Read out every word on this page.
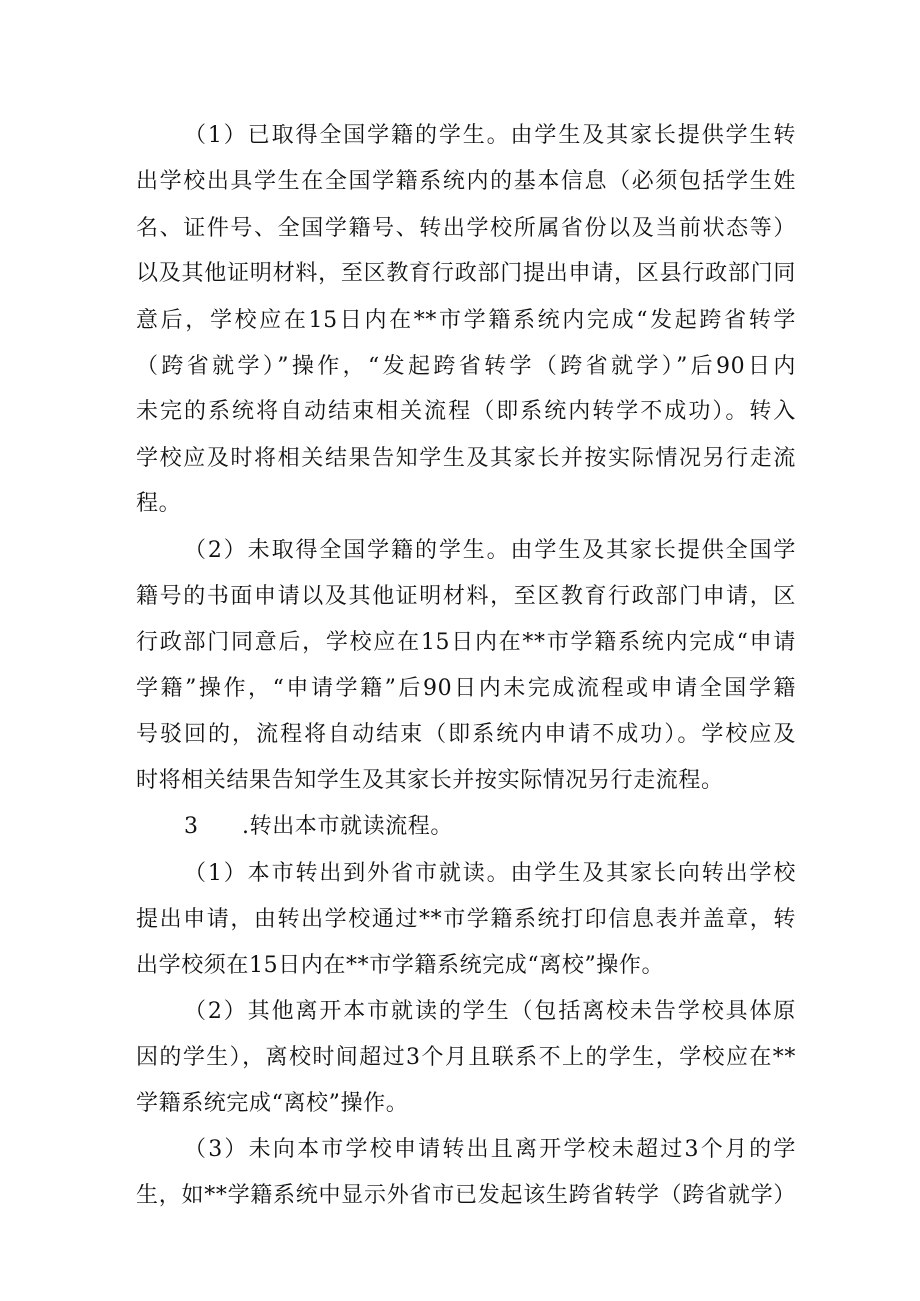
（1）已取得全国学籍的学生。由学生及其家长提供学生转
出学校出具学生在全国学籍系统内的基本信息（必须包括学生姓
名、证件号、全国学籍号、转出学校所属省份以及当前状态等）
以及其他证明材料，至区教育行政部门提出申请，区县行政部门同
意后，学校应在15日内在**市学籍系统内完成“发起跨省转学
（跨省就学）”操作，“发起跨省转学（跨省就学）”后90日内
未完的系统将自动结束相关流程（即系统内转学不成功）。转入
学校应及时将相关结果告知学生及其家长并按实际情况另行走流
程。
（2）未取得全国学籍的学生。由学生及其家长提供全国学
籍号的书面申请以及其他证明材料，至区教育行政部门申请，区
行政部门同意后，学校应在15日内在**市学籍系统内完成“申请
学籍”操作，“申请学籍”后90日内未完成流程或申请全国学籍
号驳回的，流程将自动结束（即系统内申请不成功）。学校应及
时将相关结果告知学生及其家长并按实际情况另行走流程。
3 .转出本市就读流程。
（1）本市转出到外省市就读。由学生及其家长向转出学校
提出申请，由转出学校通过**市学籍系统打印信息表并盖章，转
出学校须在15日内在**市学籍系统完成“离校”操作。
（2）其他离开本市就读的学生（包括离校未告学校具体原
因的学生），离校时间超过3个月且联系不上的学生，学校应在**
学籍系统完成“离校”操作。
（3）未向本市学校申请转出且离开学校未超过3个月的学
生，如**学籍系统中显示外省市已发起该生跨省转学（跨省就学）
